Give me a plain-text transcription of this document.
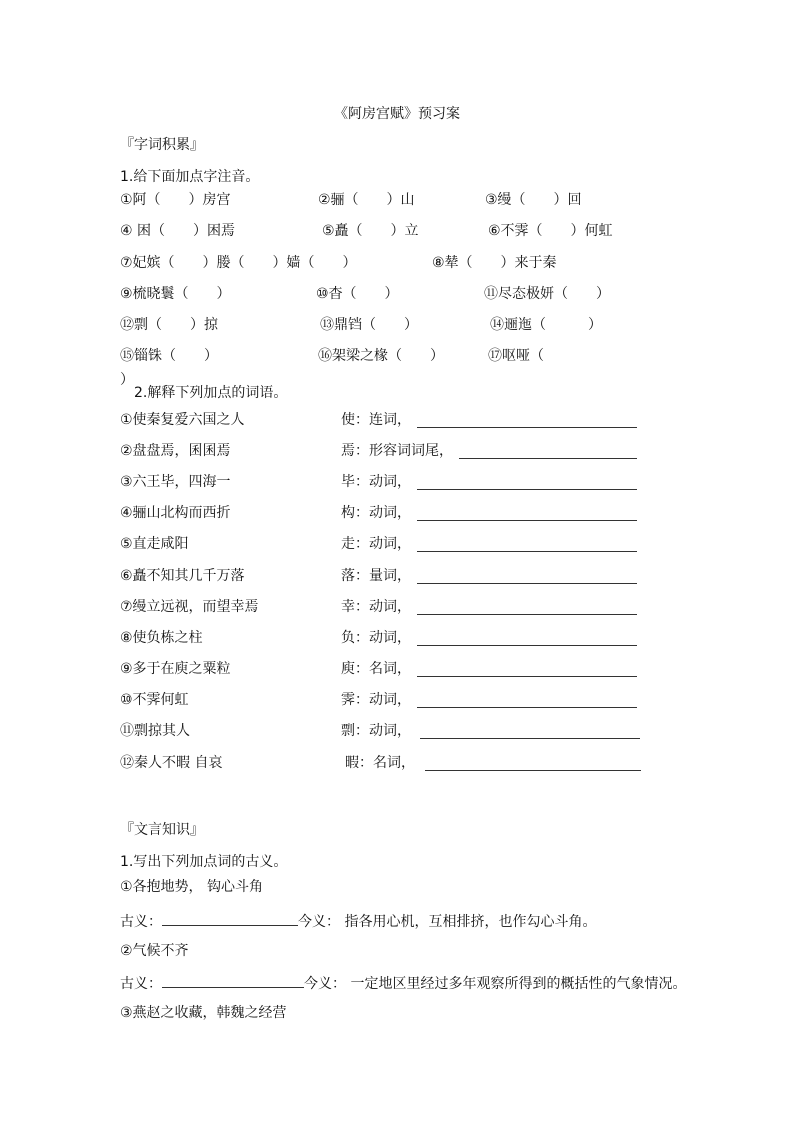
《阿房宫赋》预习案
『字词积累』
1.给下面加点字注音。
①阿（　　）房宫	②骊（　　）山	③缦（　　）回
④ 困（　　）困焉	⑤矗（　　）立	⑥不霁（　　）何虹
⑦妃嫔（　　）媵（　　）嫱（　　）	⑧辇（　　）来于秦
⑨梳晓鬟（　　）	⑩杳（　　）	⑪尽态极妍（　　）
⑫剽（　　）掠	⑬鼎铛（　　）	⑭逦迤（　　　）
⑮锱铢（　　）	⑯架梁之椽（　　）	⑰呕哑（
）
2.解释下列加点的词语。
①使秦复爱六国之人	使：连词，
②盘盘焉，囷囷焉	焉：形容词词尾，
③六王毕，四海一	毕：动词，
④骊山北构而西折	构：动词，
⑤直走咸阳	走：动词，
⑥矗不知其几千万落	落：量词，
⑦缦立远视，而望幸焉	幸：动词，
⑧使负栋之柱	负：动词，
⑨多于在庾之粟粒	庾：名词，
⑩不霁何虹	霁：动词，
⑪剽掠其人	剽：动词，
⑫秦人不暇 自哀	暇：名词，
『文言知识』
1.写出下列加点词的古义。
①各抱地势， 钩心斗角
古义：	今义： 指各用心机，互相排挤，也作勾心斗角。
②气候不齐
古义：	今义： 一定地区里经过多年观察所得到的概括性的气象情况。
③燕赵之收藏，韩魏之经营
